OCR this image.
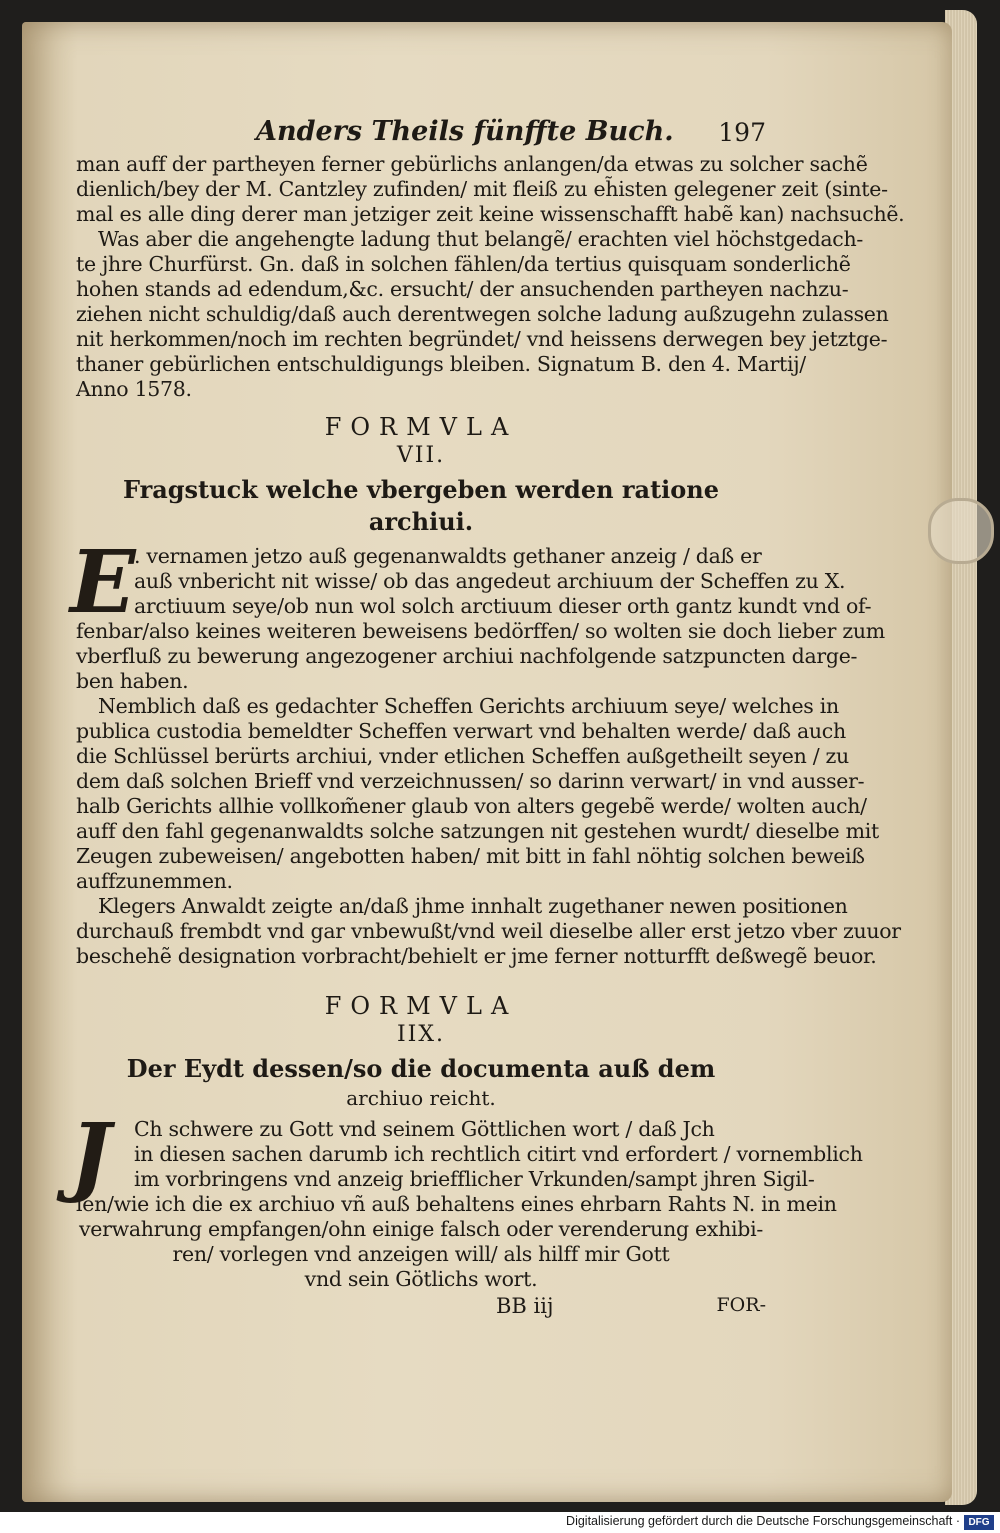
Anders Theils fünffte Buch. 197
man auff der partheyen ferner gebürlichs anlangen/da etwas zu solcher sachẽ
dienlich/bey der M. Cantzley zufinden/ mit fleiß zu eh̃isten gelegener zeit (sinte-
mal es alle ding derer man jetziger zeit keine wissenschafft habẽ kan) nachsuchẽ.
Was aber die angehengte ladung thut belangẽ/ erachten viel höchstgedach-
te jhre Churfürst. Gn. daß in solchen fählen/da tertius quisquam sonderlichẽ
hohen stands ad edendum,&c. ersucht/ der ansuchenden partheyen nachzu-
ziehen nicht schuldig/daß auch derentwegen solche ladung außzugehn zulassen
nit herkommen/noch im rechten begründet/ vnd heissens derwegen bey jetztge-
thaner gebürlichen entschuldigungs bleiben. Signatum B. den 4. Martij/
Anno 1578.
FORMVLA
VII.
Fragstuck welche vbergeben werden ratione archiui.
E
. vernamen jetzo auß gegenanwaldts gethaner anzeig / daß er
auß vnbericht nit wisse/ ob das angedeut archiuum der Scheffen zu X.
arctiuum seye/ob nun wol solch arctiuum dieser orth gantz kundt vnd of-
fenbar/also keines weiteren beweisens bedörffen/ so wolten sie doch lieber zum
vberfluß zu bewerung angezogener archiui nachfolgende satzpuncten darge-
ben haben.
Nemblich daß es gedachter Scheffen Gerichts archiuum seye/ welches in
publica custodia bemeldter Scheffen verwart vnd behalten werde/ daß auch
die Schlüssel berürts archiui, vnder etlichen Scheffen außgetheilt seyen / zu
dem daß solchen Brieff vnd verzeichnussen/ so darinn verwart/ in vnd ausser-
halb Gerichts allhie vollkom̃ener glaub von alters gegebẽ werde/ wolten auch/
auff den fahl gegenanwaldts solche satzungen nit gestehen wurdt/ dieselbe mit
Zeugen zubeweisen/ angebotten haben/ mit bitt in fahl nöhtig solchen beweiß
auffzunemmen.
Klegers Anwaldt zeigte an/daß jhme innhalt zugethaner newen positionen
durchauß frembdt vnd gar vnbewußt/vnd weil dieselbe aller erst jetzo vber zuuor
beschehẽ designation vorbracht/behielt er jme ferner notturfft deßwegẽ beuor.
FORMVLA
IIX.
Der Eydt dessen/so die documenta auß dem
archiuo reicht.
J	Ch schwere zu Gott vnd seinem Göttlichen wort / daß Jch
in diesen sachen darumb ich rechtlich citirt vnd erfordert / vornemblich
im vorbringens vnd anzeig briefflicher Vrkunden/sampt jhren Sigil-
len/wie ich die ex archiuo vñ auß behaltens eines ehrbarn Rahts N. in mein
verwahrung empfangen/ohn einige falsch oder verenderung exhibi-
ren/ vorlegen vnd anzeigen will/ als hilff mir Gott
vnd sein Götlichs wort.
BB iij	FOR-
Digitalisierung gefördert durch die Deutsche Forschungsgemeinschaft · DFG
